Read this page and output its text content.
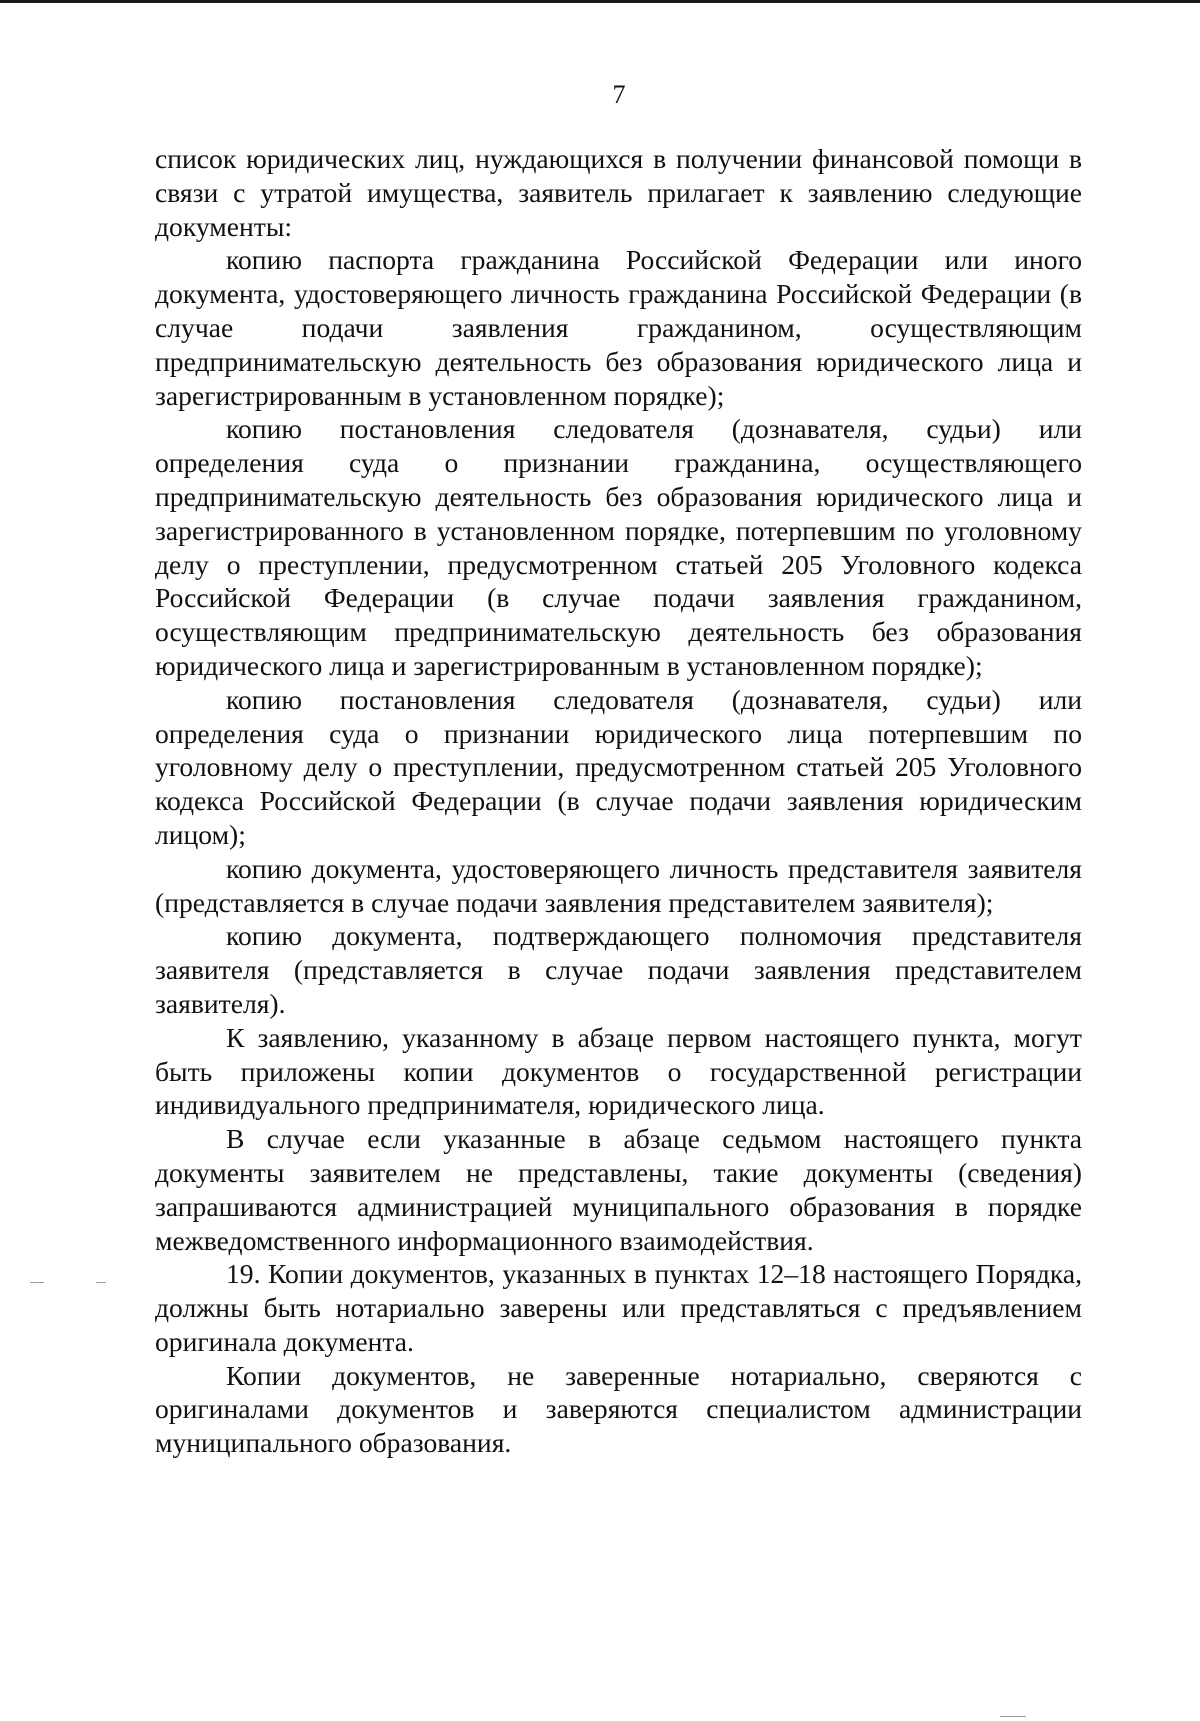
7

список юридических лиц, нуждающихся в получении финансовой помощи в связи с утратой имущества, заявитель прилагает к заявлению следующие документы:

копию паспорта гражданина Российской Федерации или иного документа, удостоверяющего личность гражданина Российской Федерации (в случае подачи заявления гражданином, осуществляющим предпринимательскую деятельность без образования юридического лица и зарегистрированным в установленном порядке);

копию постановления следователя (дознавателя, судьи) или определения суда о признании гражданина, осуществляющего предпринимательскую деятельность без образования юридического лица и зарегистрированного в установленном порядке, потерпевшим по уголовному делу о преступлении, предусмотренном статьей 205 Уголовного кодекса Российской Федерации (в случае подачи заявления гражданином, осуществляющим предпринимательскую деятельность без образования юридического лица и зарегистрированным в установленном порядке);

копию постановления следователя (дознавателя, судьи) или определения суда о признании юридического лица потерпевшим по уголовному делу о преступлении, предусмотренном статьей 205 Уголовного кодекса Российской Федерации (в случае подачи заявления юридическим лицом);

копию документа, удостоверяющего личность представителя заявителя (представляется в случае подачи заявления представителем заявителя);

копию документа, подтверждающего полномочия представителя заявителя (представляется в случае подачи заявления представителем заявителя).

К заявлению, указанному в абзаце первом настоящего пункта, могут быть приложены копии документов о государственной регистрации индивидуального предпринимателя, юридического лица.

В случае если указанные в абзаце седьмом настоящего пункта документы заявителем не представлены, такие документы (сведения) запрашиваются администрацией муниципального образования в порядке межведомственного информационного взаимодействия.

19. Копии документов, указанных в пунктах 12–18 настоящего Порядка, должны быть нотариально заверены или представляться с предъявлением оригинала документа.

Копии документов, не заверенные нотариально, сверяются с оригиналами документов и заверяются специалистом администрации муниципального образования.
